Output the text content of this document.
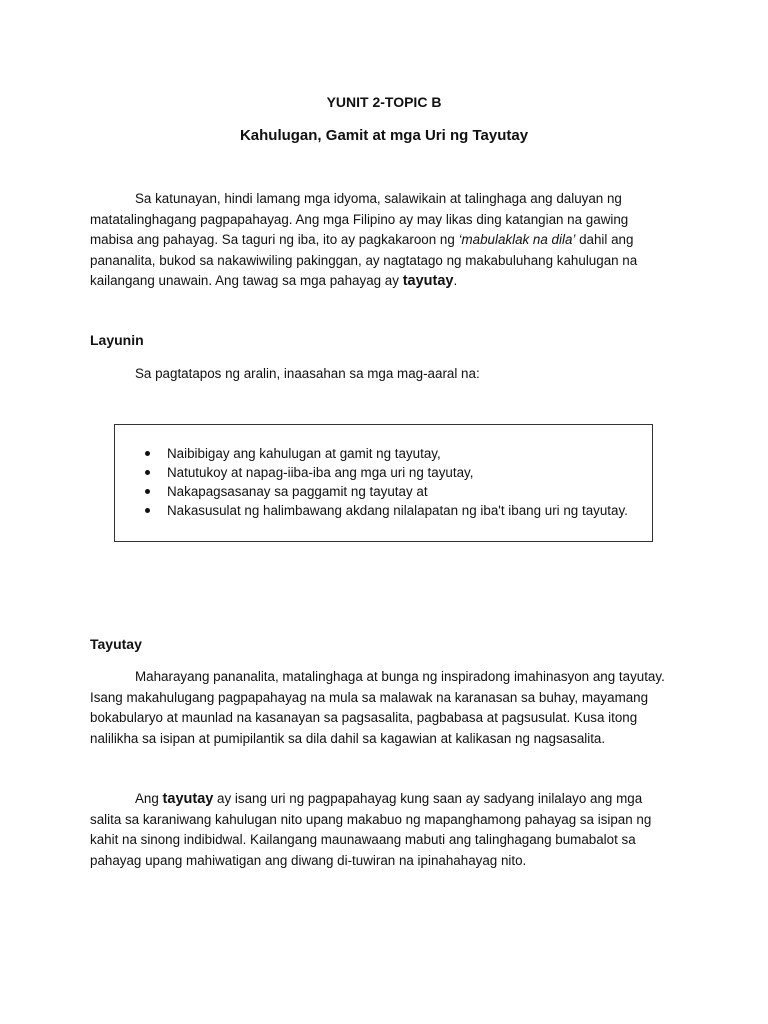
YUNIT 2-TOPIC B
Kahulugan, Gamit at mga Uri ng Tayutay

Sa katunayan, hindi lamang mga idyoma, salawikain at talinghaga ang daluyan ng matatalinghagang pagpapahayag. Ang mga Filipino ay may likas ding katangian na gawing mabisa ang pahayag. Sa taguri ng iba, ito ay pagkakaroon ng ‘mabulaklak na dila’ dahil ang pananalita, bukod sa nakawiwiling pakinggan, ay nagtatago ng makabuluhang kahulugan na kailangang unawain. Ang tawag sa mga pahayag ay tayutay.

Layunin

Sa pagtatapos ng aralin, inaasahan sa mga mag-aaral na:

Naibibigay ang kahulugan at gamit ng tayutay,
Natutukoy at napag-iiba-iba ang mga uri ng tayutay,
Nakapagsasanay sa paggamit ng tayutay at
Nakasusulat ng halimbawang akdang nilalapatan ng iba't ibang uri ng tayutay.
Tayutay

Maharayang pananalita, matalinghaga at bunga ng inspiradong imahinasyon ang tayutay. Isang makahulugang pagpapahayag na mula sa malawak na karanasan sa buhay, mayamang bokabularyo at maunlad na kasanayan sa pagsasalita, pagbabasa at pagsusulat. Kusa itong nalilikha sa isipan at pumipilantik sa dila dahil sa kagawian at kalikasan ng nagsasalita.

Ang tayutay ay isang uri ng pagpapahayag kung saan ay sadyang inilalayo ang mga salita sa karaniwang kahulugan nito upang makabuo ng mapanghamong pahayag sa isipan ng kahit na sinong indibidwal. Kailangang maunawaang mabuti ang talinghagang bumabalot sa pahayag upang mahiwatigan ang diwang di-tuwiran na ipinahahayag nito.
